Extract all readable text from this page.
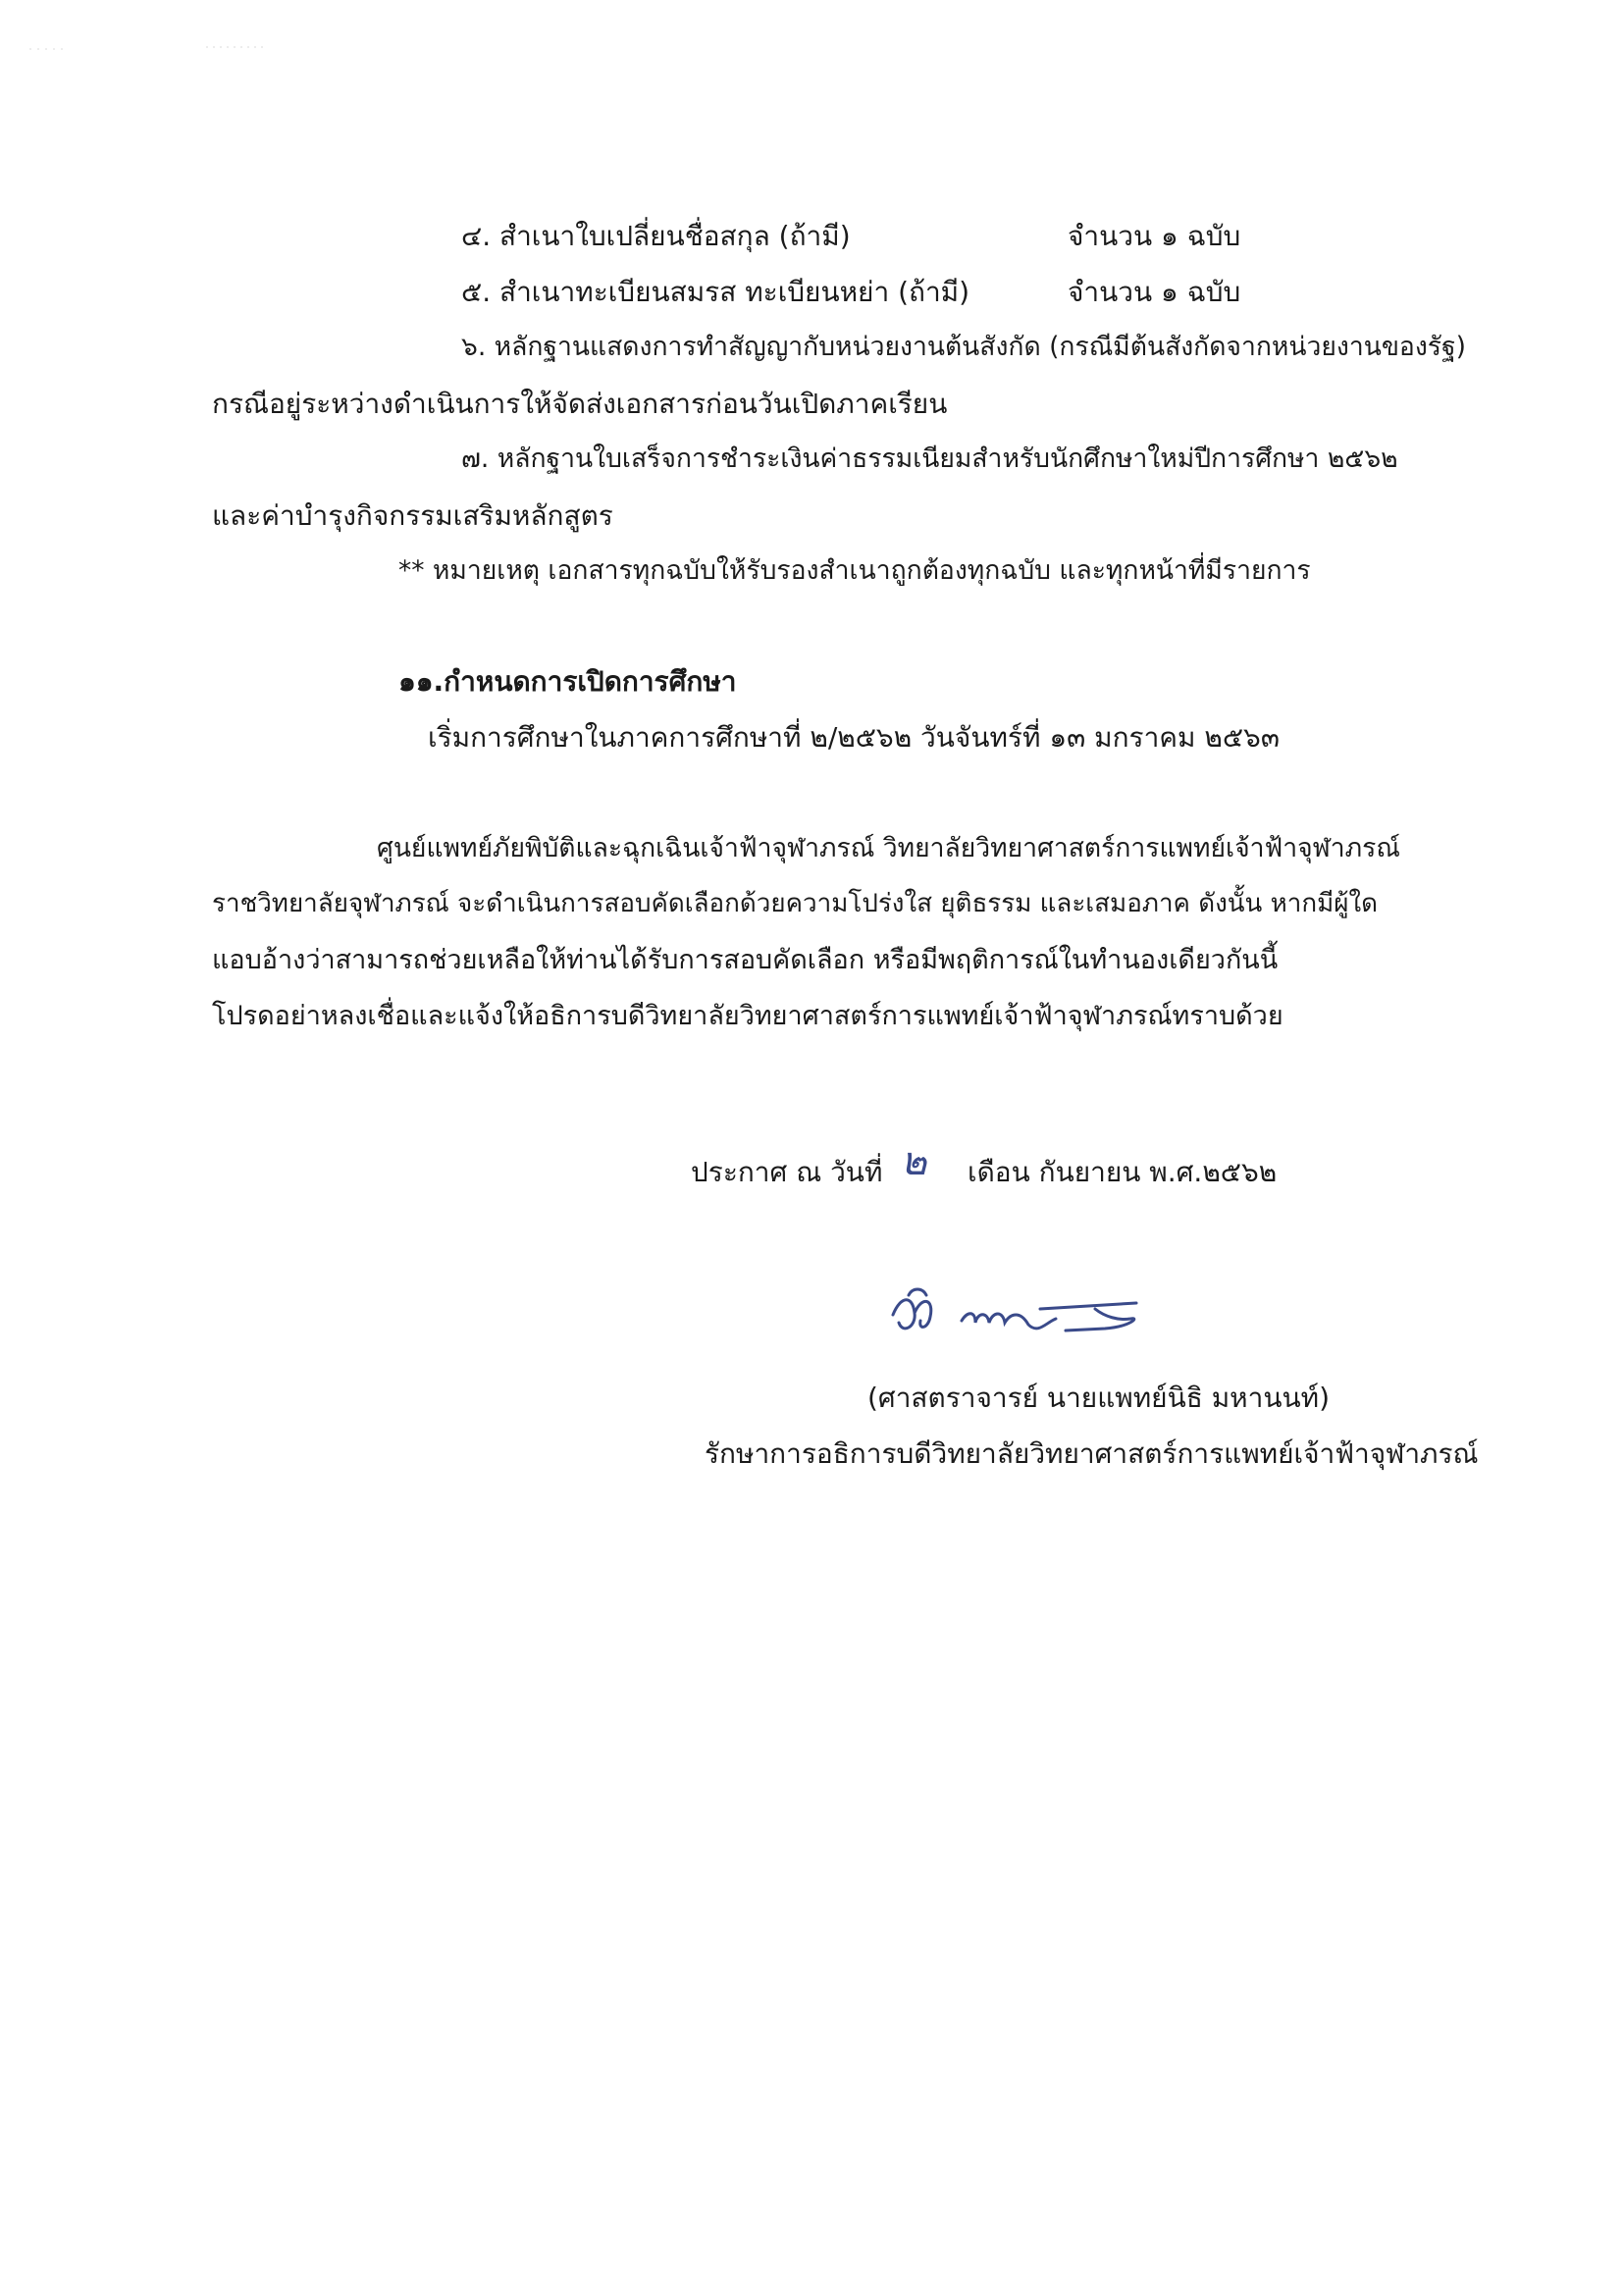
๔. สำเนาใบเปลี่ยนชื่อสกุล (ถ้ามี)	จำนวน ๑ ฉบับ
๕. สำเนาทะเบียนสมรส ทะเบียนหย่า (ถ้ามี)	จำนวน ๑ ฉบับ
๖. หลักฐานแสดงการทำสัญญากับหน่วยงานต้นสังกัด (กรณีมีต้นสังกัดจากหน่วยงานของรัฐ)
กรณีอยู่ระหว่างดำเนินการให้จัดส่งเอกสารก่อนวันเปิดภาคเรียน
๗. หลักฐานใบเสร็จการชำระเงินค่าธรรมเนียมสำหรับนักศึกษาใหม่ปีการศึกษา ๒๕๖๒
และค่าบำรุงกิจกรรมเสริมหลักสูตร
** หมายเหตุ เอกสารทุกฉบับให้รับรองสำเนาถูกต้องทุกฉบับ และทุกหน้าที่มีรายการ
๑๑.กำหนดการเปิดการศึกษา
เริ่มการศึกษาในภาคการศึกษาที่ ๒/๒๕๖๒ วันจันทร์ที่ ๑๓ มกราคม ๒๕๖๓
ศูนย์แพทย์ภัยพิบัติและฉุกเฉินเจ้าฟ้าจุฬาภรณ์ วิทยาลัยวิทยาศาสตร์การแพทย์เจ้าฟ้าจุฬาภรณ์
ราชวิทยาลัยจุฬาภรณ์ จะดำเนินการสอบคัดเลือกด้วยความโปร่งใส ยุติธรรม และเสมอภาค ดังนั้น หากมีผู้ใด
แอบอ้างว่าสามารถช่วยเหลือให้ท่านได้รับการสอบคัดเลือก หรือมีพฤติการณ์ในทำนองเดียวกันนี้
โปรดอย่าหลงเชื่อและแจ้งให้อธิการบดีวิทยาลัยวิทยาศาสตร์การแพทย์เจ้าฟ้าจุฬาภรณ์ทราบด้วย
ประกาศ ณ วันที่ ๒ เดือน กันยายน พ.ศ.๒๕๖๒
(ศาสตราจารย์ นายแพทย์นิธิ มหานนท์)
รักษาการอธิการบดีวิทยาลัยวิทยาศาสตร์การแพทย์เจ้าฟ้าจุฬาภรณ์
